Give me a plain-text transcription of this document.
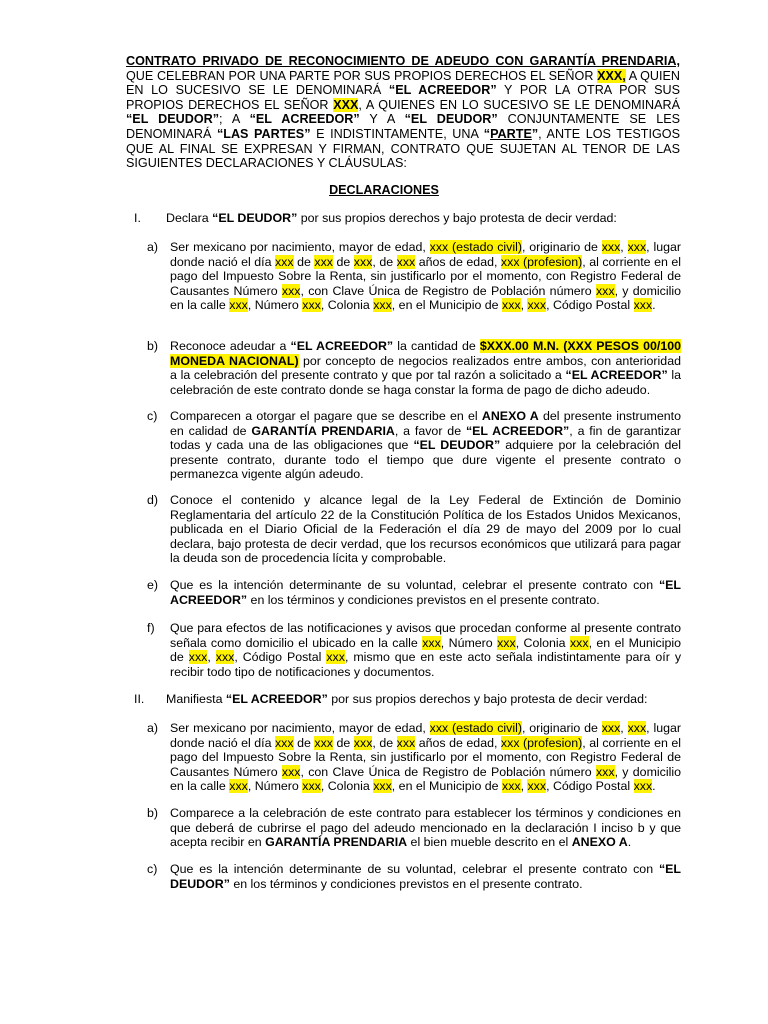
CONTRATO PRIVADO DE RECONOCIMIENTO DE ADEUDO CON GARANTÍA PRENDARIA, QUE CELEBRAN POR UNA PARTE POR SUS PROPIOS DERECHOS EL SEÑOR XXX, A QUIEN EN LO SUCESIVO SE LE DENOMINARÁ “EL ACREEDOR” Y POR LA OTRA POR SUS PROPIOS DERECHOS EL SEÑOR XXX, A QUIENES EN LO SUCESIVO SE LE DENOMINARÁ “EL DEUDOR”; A “EL ACREEDOR” Y A “EL DEUDOR” CONJUNTAMENTE SE LES DENOMINARÁ “LAS PARTES” E INDISTINTAMENTE, UNA “PARTE”, ANTE LOS TESTIGOS QUE AL FINAL SE EXPRESAN Y FIRMAN, CONTRATO QUE SUJETAN AL TENOR DE LAS SIGUIENTES DECLARACIONES Y CLÁUSULAS:
DECLARACIONES
I. Declara “EL DEUDOR” por sus propios derechos y bajo protesta de decir verdad:
a) Ser mexicano por nacimiento, mayor de edad, xxx (estado civil), originario de xxx, xxx, lugar donde nació el día xxx de xxx de xxx, de xxx años de edad, xxx (profesion), al corriente en el pago del Impuesto Sobre la Renta, sin justificarlo por el momento, con Registro Federal de Causantes Número xxx, con Clave Única de Registro de Población número xxx, y domicilio en la calle xxx, Número xxx, Colonia xxx, en el Municipio de xxx, xxx, Código Postal xxx.
b) Reconoce adeudar a “EL ACREEDOR” la cantidad de $XXX.00 M.N. (XXX PESOS 00/100 MONEDA NACIONAL) por concepto de negocios realizados entre ambos, con anterioridad a la celebración del presente contrato y que por tal razón a solicitado a “EL ACREEDOR” la celebración de este contrato donde se haga constar la forma de pago de dicho adeudo.
c) Comparecen a otorgar el pagare que se describe en el ANEXO A del presente instrumento en calidad de GARANTÍA PRENDARIA, a favor de “EL ACREEDOR”, a fin de garantizar todas y cada una de las obligaciones que “EL DEUDOR” adquiere por la celebración del presente contrato, durante todo el tiempo que dure vigente el presente contrato o permanezca vigente algún adeudo.
d) Conoce el contenido y alcance legal de la Ley Federal de Extinción de Dominio Reglamentaria del artículo 22 de la Constitución Política de los Estados Unidos Mexicanos, publicada en el Diario Oficial de la Federación el día 29 de mayo del 2009 por lo cual declara, bajo protesta de decir verdad, que los recursos económicos que utilizará para pagar la deuda son de procedencia lícita y comprobable.
e) Que es la intención determinante de su voluntad, celebrar el presente contrato con “EL ACREEDOR” en los términos y condiciones previstos en el presente contrato.
f) Que para efectos de las notificaciones y avisos que procedan conforme al presente contrato señala como domicilio el ubicado en la calle xxx, Número xxx, Colonia xxx, en el Municipio de xxx, xxx, Código Postal xxx, mismo que en este acto señala indistintamente para oír y recibir todo tipo de notificaciones y documentos.
II. Manifiesta “EL ACREEDOR” por sus propios derechos y bajo protesta de decir verdad:
a) Ser mexicano por nacimiento, mayor de edad, xxx (estado civil), originario de xxx, xxx, lugar donde nació el día xxx de xxx de xxx, de xxx años de edad, xxx (profesion), al corriente en el pago del Impuesto Sobre la Renta, sin justificarlo por el momento, con Registro Federal de Causantes Número xxx, con Clave Única de Registro de Población número xxx, y domicilio en la calle xxx, Número xxx, Colonia xxx, en el Municipio de xxx, xxx, Código Postal xxx.
b) Comparece a la celebración de este contrato para establecer los términos y condiciones en que deberá de cubrirse el pago del adeudo mencionado en la declaración I inciso b y que acepta recibir en GARANTÍA PRENDARIA el bien mueble descrito en el ANEXO A.
c) Que es la intención determinante de su voluntad, celebrar el presente contrato con “EL DEUDOR” en los términos y condiciones previstos en el presente contrato.
